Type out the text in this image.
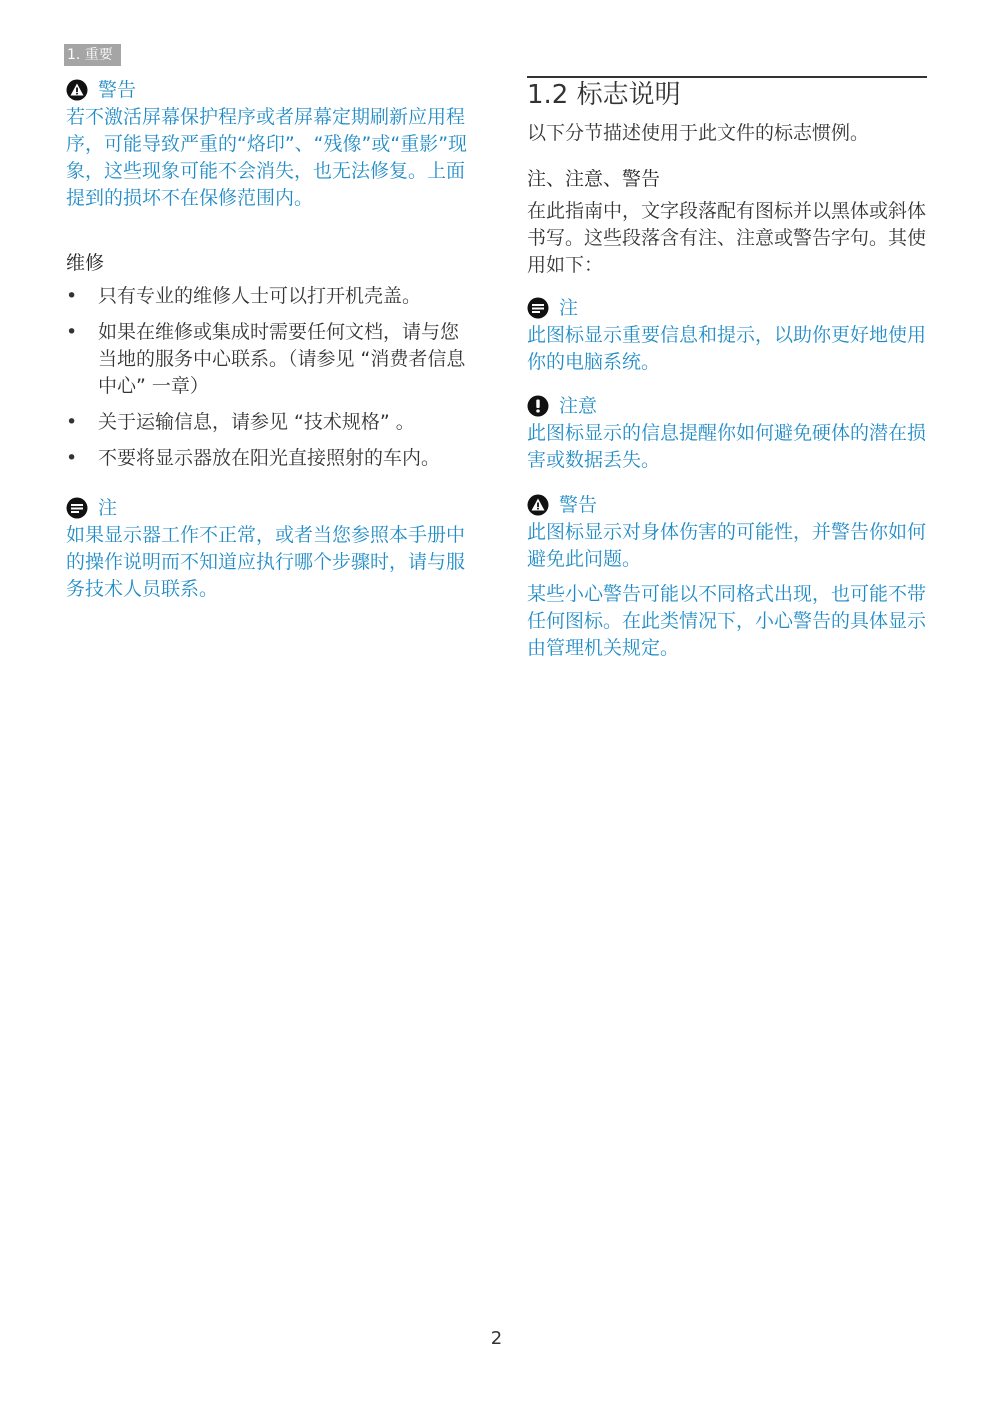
1. 重要
警告
若不激活屏幕保护程序或者屏幕定期刷新应用程序，可能导致严重的“烙印”、“残像”或“重影”现象，这些现象可能不会消失，也无法修复。上面提到的损坏不在保修范围内。
维修
• 只有专业的维修人士可以打开机壳盖。
• 如果在维修或集成时需要任何文档，请与您当地的服务中心联系。（请参见 “消费者信息中心” 一章）
• 关于运输信息，请参见 “技术规格” 。
• 不要将显示器放在阳光直接照射的车内。
注
如果显示器工作不正常，或者当您参照本手册中的操作说明而不知道应执行哪个步骤时，请与服务技术人员联系。
1.2 标志说明
以下分节描述使用于此文件的标志惯例。
注、注意、警告
在此指南中，文字段落配有图标并以黑体或斜体书写。这些段落含有注、注意或警告字句。其使用如下：
注
此图标显示重要信息和提示，以助你更好地使用你的电脑系统。
注意
此图标显示的信息提醒你如何避免硬体的潜在损害或数据丢失。
警告
此图标显示对身体伤害的可能性，并警告你如何避免此问题。
某些小心警告可能以不同格式出现，也可能不带任何图标。在此类情况下，小心警告的具体显示由管理机关规定。
2
